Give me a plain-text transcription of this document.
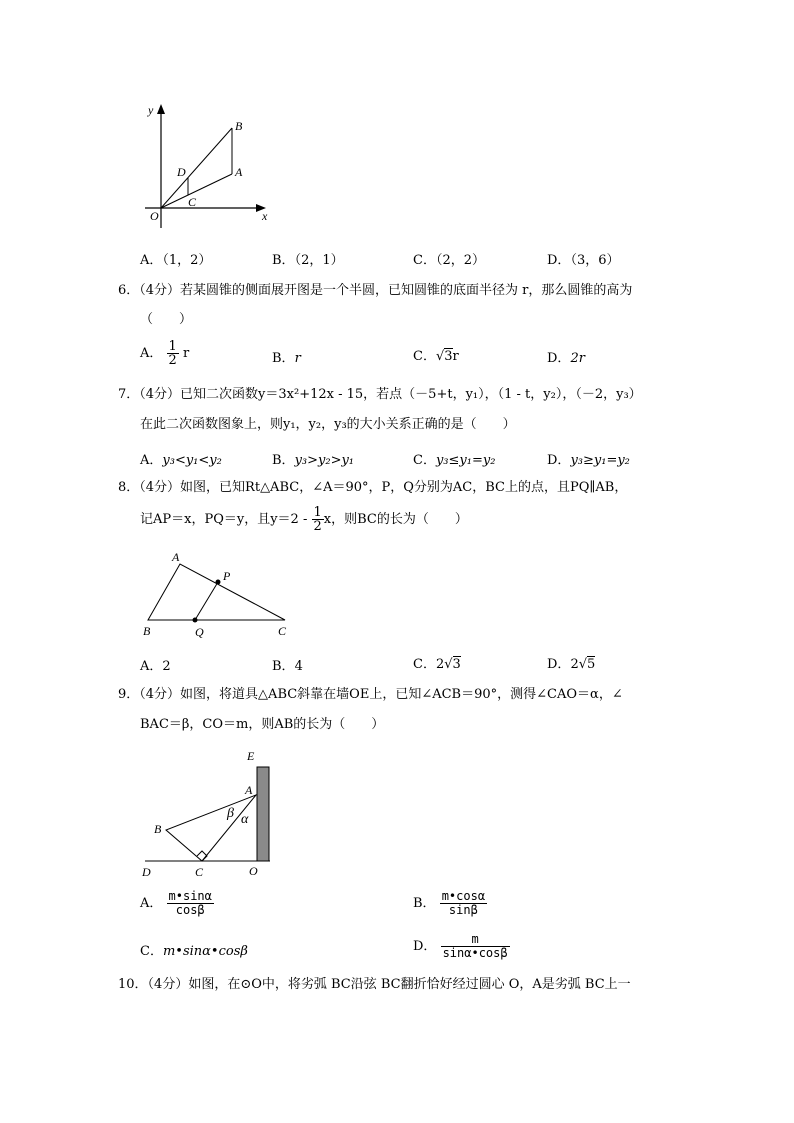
y
x
O
B
A
D
C
A．（1，2）	B．（2，1）	C．（2，2）	D．（3，6）
6．（4分）若某圆锥的侧面展开图是一个半圆，已知圆锥的底面半径为 r，那么圆锥的高为
（　　）
A． $\frac{1}{2}$ r	B．r	C．√3r	D．2r
7．（4分）已知二次函数y＝3x²+12x - 15，若点（－5+t，y₁），（1 - t，y₂），（－2，y₃）
在此二次函数图象上，则y₁，y₂，y₃的大小关系正确的是（　　）
A．y₃<y₁<y₂	B．y₃>y₂>y₁	C．y₃≤y₁=y₂	D．y₃≥y₁=y₂
8．（4分）如图，已知Rt△ABC，∠A＝90°，P，Q分别为AC，BC上的点，且PQ∥AB，
记AP＝x，PQ＝y，且$y=2 - \frac{1}{2}$ x，则BC的长为（　　）
A
P
B	Q	C
A．2	B．4	C．2√3	D．2√5
9．（4分）如图，将道具△ABC斜靠在墙OE上，已知∠ACB＝90°，测得∠CAO＝α，∠
BAC＝β，CO＝m，则AB的长为（　　）
E
A
B
C
D	O
β α
A． $\frac{m•\sin\alpha}{\cos\beta}$	B． $\frac{m•\cos\alpha}{\sin\beta}$
C．m•sinα•cosβ	D． $\frac{m}{\sin\alpha•\cos\beta}$
10．（4分）如图，在⊙O中，将劣弧 BC沿弦 BC翻折恰好经过圆心 O，A是劣弧 BC上一
